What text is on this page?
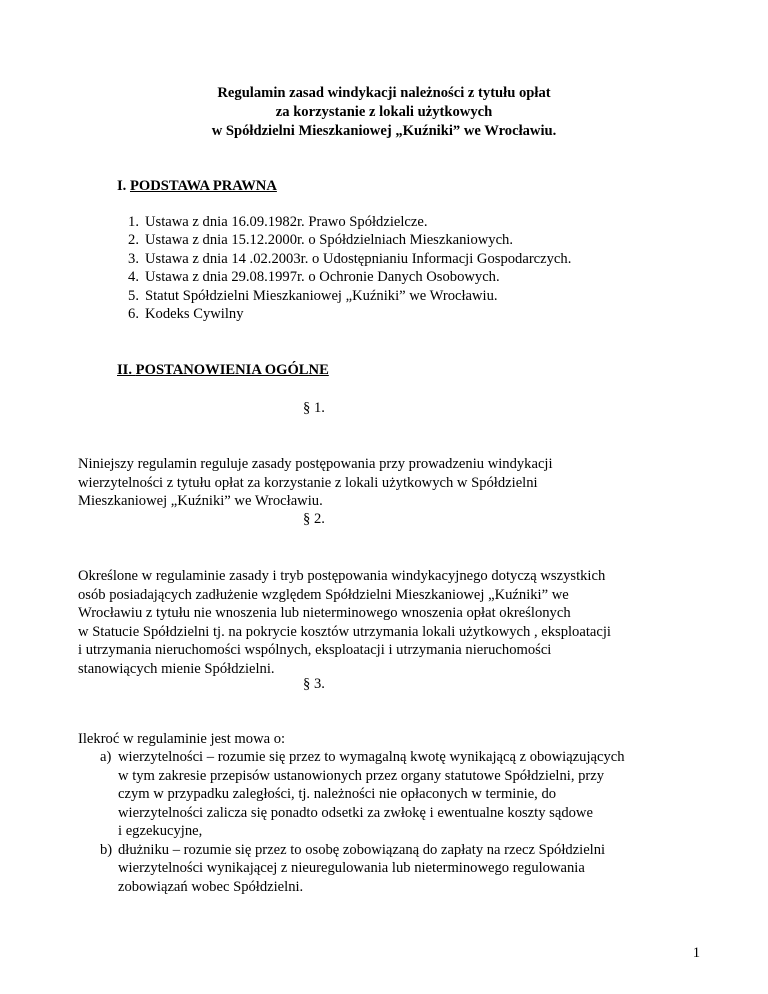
Regulamin zasad windykacji należności z tytułu opłat
za korzystanie z lokali użytkowych
w Spółdzielni Mieszkaniowej „Kuźniki” we Wrocławiu.
I. PODSTAWA PRAWNA
1. Ustawa z dnia 16.09.1982r. Prawo Spółdzielcze.
2. Ustawa z dnia 15.12.2000r. o Spółdzielniach Mieszkaniowych.
3. Ustawa z dnia 14 .02.2003r. o Udostępnianiu Informacji Gospodarczych.
4. Ustawa z dnia 29.08.1997r. o Ochronie Danych Osobowych.
5. Statut Spółdzielni Mieszkaniowej „Kuźniki” we Wrocławiu.
6. Kodeks Cywilny
II. POSTANOWIENIA OGÓLNE
§ 1.
Niniejszy regulamin reguluje zasady postępowania przy prowadzeniu windykacji
wierzytelności z tytułu opłat za korzystanie z lokali użytkowych w Spółdzielni
Mieszkaniowej „Kuźniki” we Wrocławiu.
§ 2.
Określone w regulaminie zasady i tryb postępowania windykacyjnego dotyczą wszystkich
osób posiadających zadłużenie względem Spółdzielni Mieszkaniowej „Kuźniki” we
Wrocławiu z tytułu nie wnoszenia lub nieterminowego wnoszenia opłat określonych
w Statucie Spółdzielni tj. na pokrycie kosztów utrzymania lokali użytkowych , eksploatacji
i utrzymania nieruchomości wspólnych, eksploatacji i utrzymania nieruchomości
stanowiących mienie Spółdzielni.
§ 3.
Ilekroć w regulaminie jest mowa o:
a) wierzytelności – rozumie się przez to wymagalną kwotę wynikającą z obowiązujących
w tym zakresie przepisów ustanowionych przez organy statutowe Spółdzielni, przy
czym w przypadku zaległości, tj. należności nie opłaconych w terminie, do
wierzytelności zalicza się ponadto odsetki za zwłokę i ewentualne koszty sądowe
i egzekucyjne,
b) dłużniku – rozumie się przez to osobę zobowiązaną do zapłaty na rzecz Spółdzielni
wierzytelności wynikającej z nieuregulowania lub nieterminowego regulowania
zobowiązań wobec Spółdzielni.
1
